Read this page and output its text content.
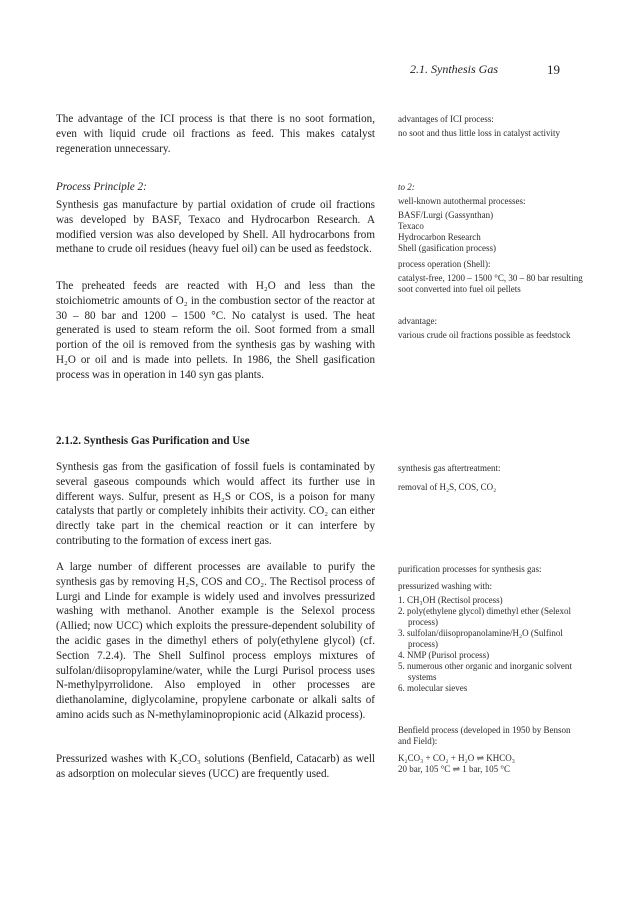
2.1. Synthesis Gas	19

The advantage of the ICI process is that there is no soot formation, even with liquid crude oil fractions as feed. This makes catalyst regeneration unnecessary.

Process Principle 2:

Synthesis gas manufacture by partial oxidation of crude oil fractions was developed by BASF, Texaco and Hydrocarbon Research. A modified version was also developed by Shell. All hydrocarbons from methane to crude oil residues (heavy fuel oil) can be used as feedstock.

The preheated feeds are reacted with H₂O and less than the stoichiometric amounts of O₂ in the combustion sector of the reactor at 30 – 80 bar and 1200 – 1500 °C. No catalyst is used. The heat generated is used to steam reform the oil. Soot formed from a small portion of the oil is removed from the synthesis gas by washing with H₂O or oil and is made into pellets. In 1986, the Shell gasification process was in operation in 140 syn gas plants.

2.1.2. Synthesis Gas Purification and Use

Synthesis gas from the gasification of fossil fuels is contaminated by several gaseous compounds which would affect its further use in different ways. Sulfur, present as H₂S or COS, is a poison for many catalysts that partly or completely inhibits their activity. CO₂ can either directly take part in the chemical reaction or it can interfere by contributing to the formation of excess inert gas.

A large number of different processes are available to purify the synthesis gas by removing H₂S, COS and CO₂. The Rectisol process of Lurgi and Linde for example is widely used and involves pressurized washing with methanol. Another example is the Selexol process (Allied; now UCC) which exploits the pressure-dependent solubility of the acidic gases in the dimethyl ethers of poly(ethylene glycol) (cf. Section 7.2.4). The Shell Sulfinol process employs mixtures of sulfolan/diisopropylamine/water, while the Lurgi Purisol process uses N-methylpyrrolidone. Also employed in other processes are diethanolamine, diglycolamine, propylene carbonate or alkali salts of amino acids such as N-methylaminopropionic acid (Alkazid process).

Pressurized washes with K₂CO₃ solutions (Benfield, Catacarb) as well as adsorption on molecular sieves (UCC) are frequently used.

advantages of ICI process:

no soot and thus little loss in catalyst activity

to 2:

well-known autothermal processes:

BASF/Lurgi (Gassynthan)
Texaco
Hydrocarbon Research
Shell (gasification process)

process operation (Shell):

catalyst-free, 1200 – 1500 °C, 30 – 80 bar resulting soot converted into fuel oil pellets

advantage:

various crude oil fractions possible as feedstock

synthesis gas aftertreatment:

removal of H₂S, COS, CO₂

purification processes for synthesis gas:

pressurized washing with:

1. CH₃OH (Rectisol process)
2. poly(ethylene glycol) dimethyl ether (Selexol process)
3. sulfolan/diisopropanolamine/H₂O (Sulfinol process)
4. NMP (Purisol process)
5. numerous other organic and inorganic solvent systems
6. molecular sieves

Benfield process (developed in 1950 by Benson and Field):

K₂CO₃ + CO₂ + H₂O ⇌ KHCO₃
20 bar, 105 °C ⇌ 1 bar, 105 °C
